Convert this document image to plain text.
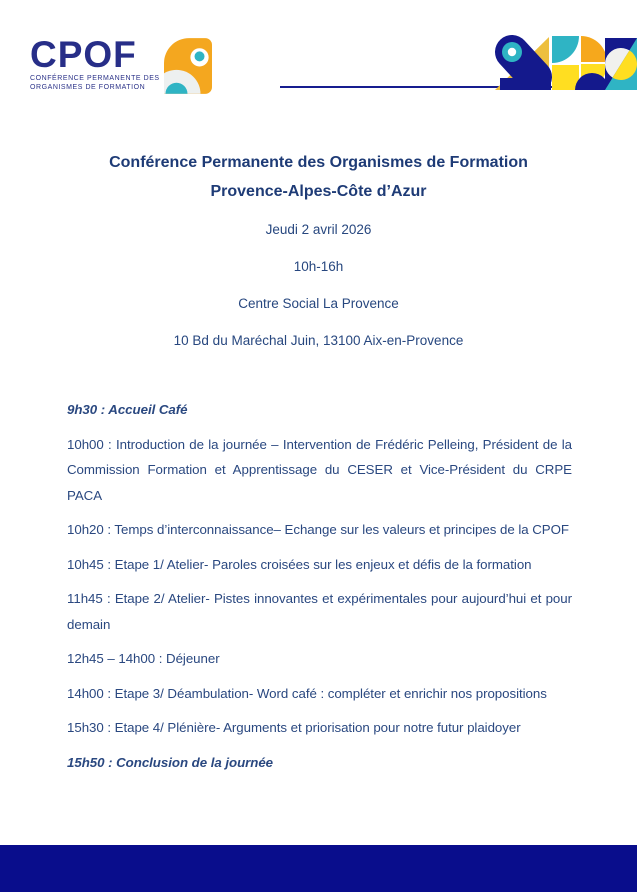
CPOF
CONFÉRENCE PERMANENTE DES
ORGANISMES DE FORMATION
Conférence Permanente des Organismes de Formation
Provence-Alpes-Côte d’Azur

Jeudi 2 avril 2026

10h-16h

Centre Social La Provence

10 Bd du Maréchal Juin, 13100 Aix-en-Provence

9h30 : Accueil Café

10h00 : Introduction de la journée – Intervention de Frédéric Pelleing, Président de la Commission Formation et Apprentissage du CESER et Vice-Président du CRPE PACA

10h20 : Temps d’interconnaissance– Echange sur les valeurs et principes de la CPOF

10h45 : Etape 1/ Atelier- Paroles croisées sur les enjeux et défis de la formation

11h45 : Etape 2/ Atelier- Pistes innovantes et expérimentales pour aujourd’hui et pour demain

12h45 – 14h00 : Déjeuner

14h00 : Etape 3/ Déambulation- Word café : compléter et enrichir nos propositions

15h30 : Etape 4/ Plénière- Arguments et priorisation pour notre futur plaidoyer

15h50 : Conclusion de la journée
